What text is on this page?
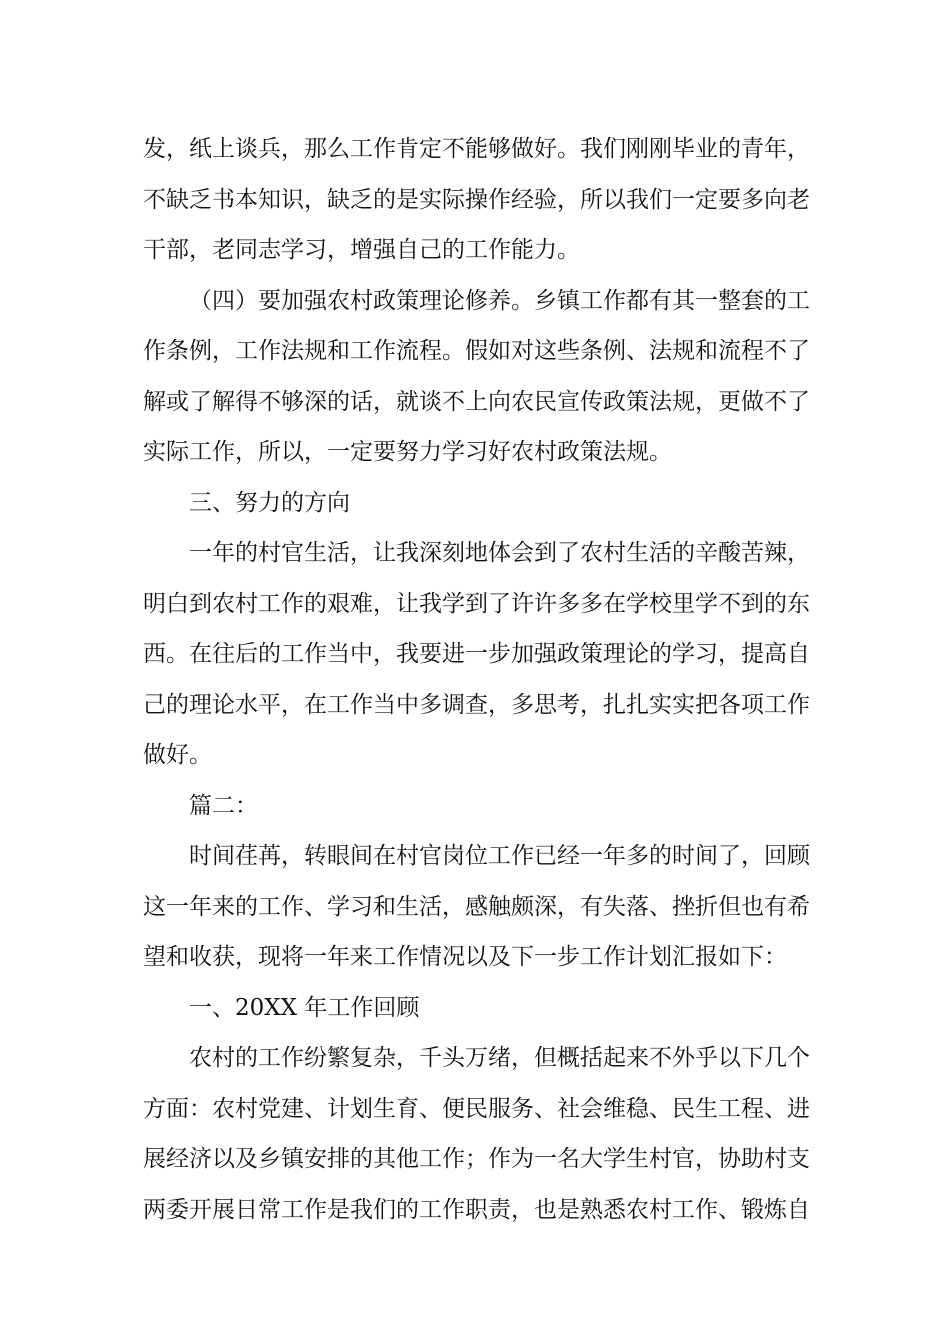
发，纸上谈兵，那么工作肯定不能够做好。我们刚刚毕业的青年，
不缺乏书本知识，缺乏的是实际操作经验，所以我们一定要多向老
干部，老同志学习，增强自己的工作能力。
（四）要加强农村政策理论修养。乡镇工作都有其一整套的工
作条例，工作法规和工作流程。假如对这些条例、法规和流程不了
解或了解得不够深的话，就谈不上向农民宣传政策法规，更做不了
实际工作，所以，一定要努力学习好农村政策法规。
三、努力的方向
一年的村官生活，让我深刻地体会到了农村生活的辛酸苦辣，
明白到农村工作的艰难，让我学到了许许多多在学校里学不到的东
西。在往后的工作当中，我要进一步加强政策理论的学习，提高自
己的理论水平，在工作当中多调查，多思考，扎扎实实把各项工作
做好。
篇二：
时间荏苒，转眼间在村官岗位工作已经一年多的时间了，回顾
这一年来的工作、学习和生活，感触颇深，有失落、挫折但也有希
望和收获，现将一年来工作情况以及下一步工作计划汇报如下：
一、20XX 年工作回顾
农村的工作纷繁复杂，千头万绪，但概括起来不外乎以下几个
方面：农村党建、计划生育、便民服务、社会维稳、民生工程、进
展经济以及乡镇安排的其他工作；作为一名大学生村官，协助村支
两委开展日常工作是我们的工作职责，也是熟悉农村工作、锻炼自
